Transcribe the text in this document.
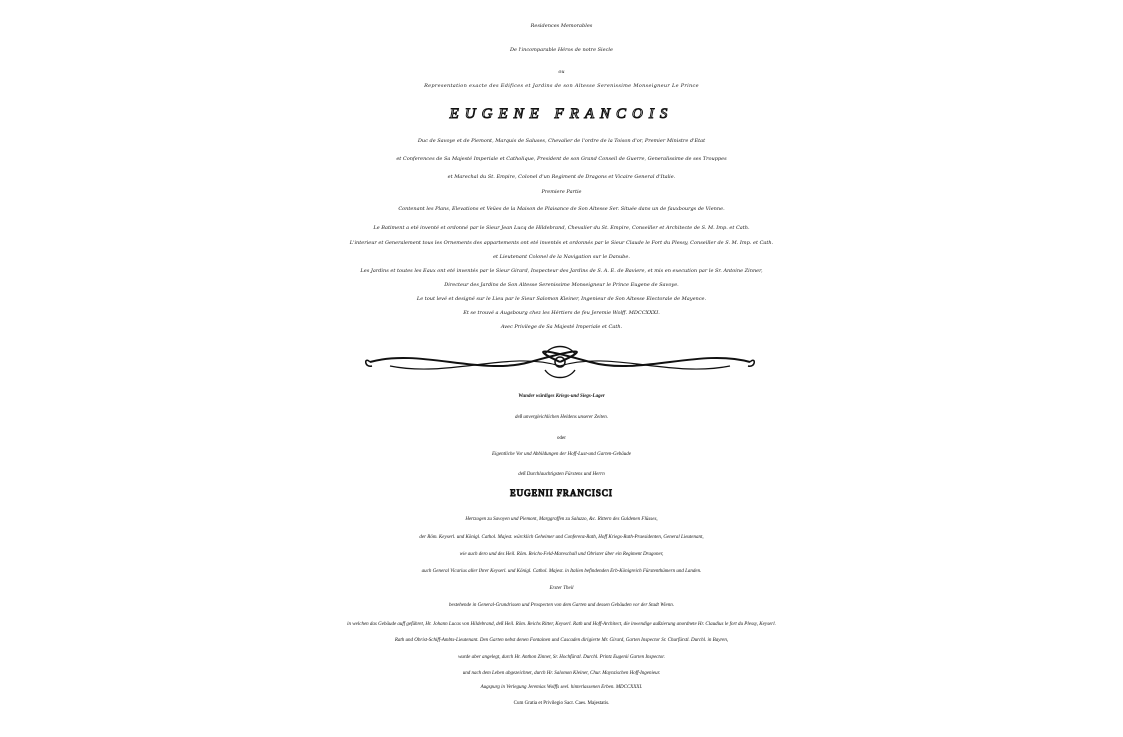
Residences Memorables
De l'incomparable Héros de notre Siecle
ou
Representation exacte des Edifices et Jardins de son Altesse Serenissime Monseigneur Le Prince
EUGENE FRANCOIS
Duc de Savoye et de Piemont, Marquis de Saluses, Chevalier de l'ordre de la Toison d'or, Premier Ministre d'Etat
et Conferences de Sa Majesté Imperiale et Catholique, President de son Grand Conseil de Guerre, Generalissime de ses Trouppes
et Marechal du St. Empire, Colonel d'un Regiment de Dragons et Vicaire General d'Italie.
Premiere Partie
Contenant les Plans, Elevations et Veües de la Maison de Plaisance de Son Altesse Ser. Située dans un de fauxbourgs de Vienne.
Le Batiment a eté inventé et ordonné par le Sieur Jean Lucq de Hildebrand, Chevalier du St. Empire, Conseiller et Architecte de S. M. Imp. et Cath.
L'interieur et Generalement tous les Ornements des appartements ont eté inventés et ordonnés par le Sieur Claude le Fort du Plessy, Conseiller de S. M. Imp. et Cath.
et Lieutenant Colonel de la Navigation sur le Danube.
Les Jardins et toutes les Eaux ont eté inventés par le Sieur Girard, Inspecteur des Jardins de S. A. E. de Baviere, et mis en execution par le Sr. Antoine Zinner,
Directeur des Jardins de Son Altesse Serenissime Monseigneur le Prince Eugene de Savoye.
Le tout levé et designé sur le Lieu par le Sieur Salomon Kleiner, Ingenieur de Son Altesse Electorale de Mayence.
Et se trouvé a Augsbourg chez les Hértiers de feu Jeremie Wolff. MDCCXXXI.
Avec Privilege de Sa Majesté Imperiale et Cath.
Wunder würdiges Kriegs-und Siegs-Lager
deß unvergleichlichen Heldens unserer Zeiten.
oder
Eigentliche Vor und Abbildungen der Hoff-Lust-und Garten-Gebäude
deß Durchlauchtigsten Fürstens und Herrn
EUGENII FRANCISCI
Hertzogen zu Savoyen und Piemont, Marggraffen zu Saluzzo, &c. Rittern des Guldenen Flüsses,
der Röm. Keyserl. und Königl. Cathol. Majest. würcklich Geheimer und Conferenz-Rath, Hoff Kriegs-Rath-Praesidenten, General Lieutenant,
wie auch dero und des Heil. Röm. Reichs-Feld-Mareschall und Obrister über ein Regiment Dragoner,
auch General Vicarius aller Ihrer Keyserl. und Königl. Cathol. Majest. in Italien befindenden Erb-Königreich Fürstenthümern und Landen.
Erster Theil
bestehende in General-Grundrissen und Prospecten von dem Garten und dessen Gebäuden vor der Stadt Wienn.
in welchen das Gebäude auff geführet, Hr. Johann Lucas von Hildebrand, deß Heil. Röm. Reichs Ritter, Keyserl. Rath und Hoff-Architect, die inwendige außzierung anordnete Hr. Claudius le fort du Plessy, Keyserl.
Rath und Obrist-Schiff-Ambts-Lieutenant. Den Garten nebst denen Fontainen und Cascaden dirigierte Mr. Girard, Garten Inspector Sr. Churfürstl. Durchl. in Bayren,
wurde aber angelegt, durch Hr. Anthon Zinner, Sr. Hochfürstl. Durchl. Printz Eugenii Garten Inspector.
und nach dem Leben abgezeichnet, durch Hr. Salomon Kleiner, Chur. Maynzischen Hoff-Ingenieur.
Augspurg in Verlegung Jeremias Wolffs seel. hinterlassenen Erben. MDCCXXXI.
Cum Gratia et Privilegio Sacr. Caes. Majestatis.
